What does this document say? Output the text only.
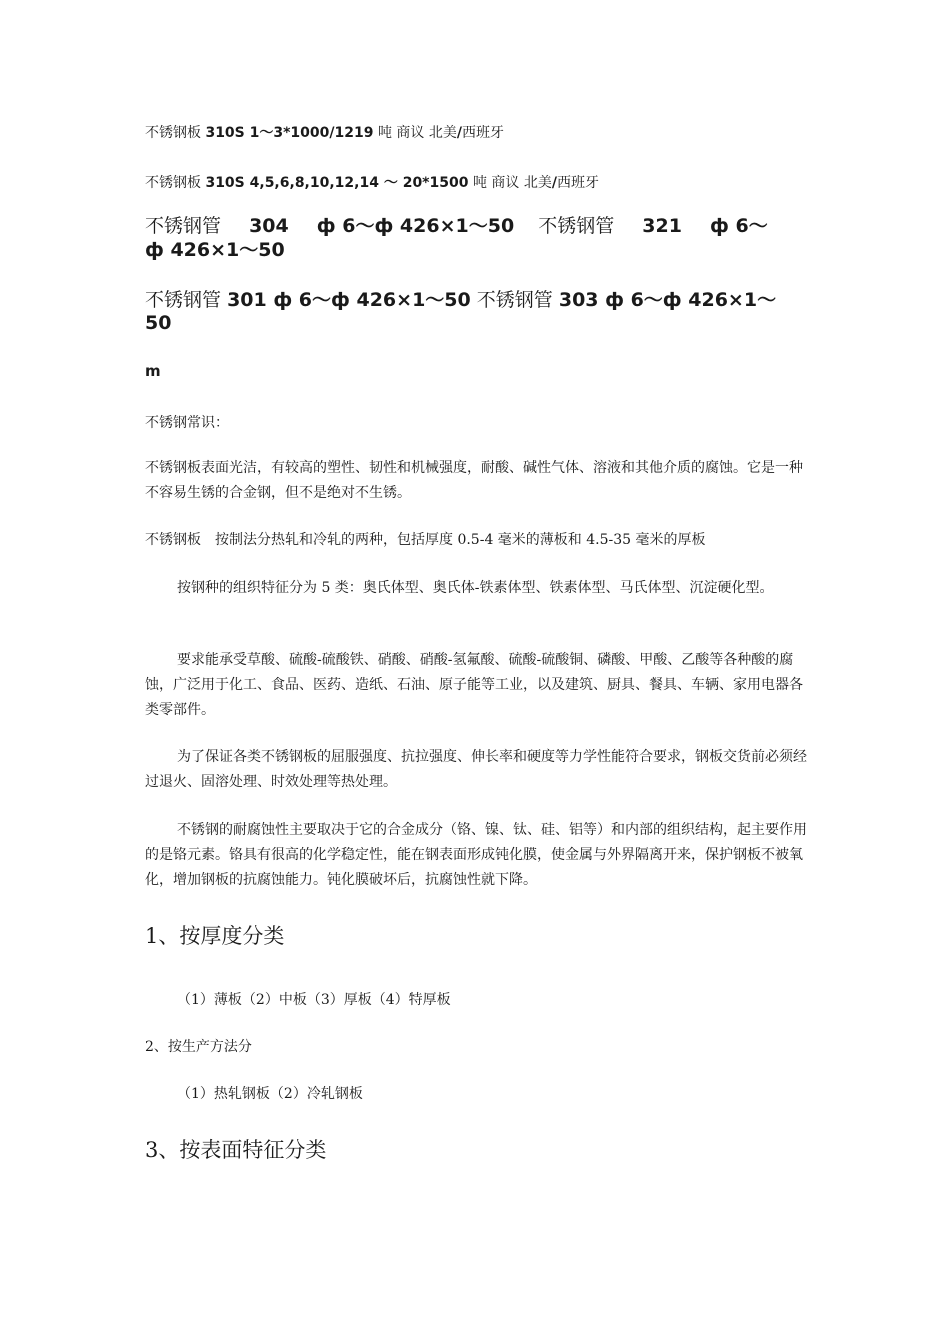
不锈钢板 310S 1～3*1000/1219 吨 商议 北美/西班牙
不锈钢板 310S 4,5,6,8,10,12,14 ～ 20*1500 吨 商议 北美/西班牙
不锈钢管 304 ф 6～ф 426×1～50 不锈钢管 321 ф 6～
ф 426×1～50
不锈钢管 301 ф 6～ф 426×1～50 不锈钢管 303 ф 6～ф 426×1～
50
m
不锈钢常识：
不锈钢板表面光洁，有较高的塑性、韧性和机械强度，耐酸、碱性气体、溶液和其他介质的腐蚀。它是一种不容易生锈的合金钢，但不是绝对不生锈。
不锈钢板　按制法分热轧和冷轧的两种，包括厚度 0.5-4 毫米的薄板和 4.5-35 毫米的厚板
按钢种的组织特征分为 5 类：奥氏体型、奥氏体-铁素体型、铁素体型、马氏体型、沉淀硬化型。
要求能承受草酸、硫酸-硫酸铁、硝酸、硝酸-氢氟酸、硫酸-硫酸铜、磷酸、甲酸、乙酸等各种酸的腐蚀，广泛用于化工、食品、医药、造纸、石油、原子能等工业，以及建筑、厨具、餐具、车辆、家用电器各类零部件。
为了保证各类不锈钢板的屈服强度、抗拉强度、伸长率和硬度等力学性能符合要求，钢板交货前必须经过退火、固溶处理、时效处理等热处理。
不锈钢的耐腐蚀性主要取决于它的合金成分（铬、镍、钛、硅、铝等）和内部的组织结构，起主要作用的是铬元素。铬具有很高的化学稳定性，能在钢表面形成钝化膜，使金属与外界隔离开来，保护钢板不被氧化，增加钢板的抗腐蚀能力。钝化膜破坏后，抗腐蚀性就下降。
1、按厚度分类
（1）薄板（2）中板（3）厚板（4）特厚板
2、按生产方法分
（1）热轧钢板（2）冷轧钢板
3、按表面特征分类
